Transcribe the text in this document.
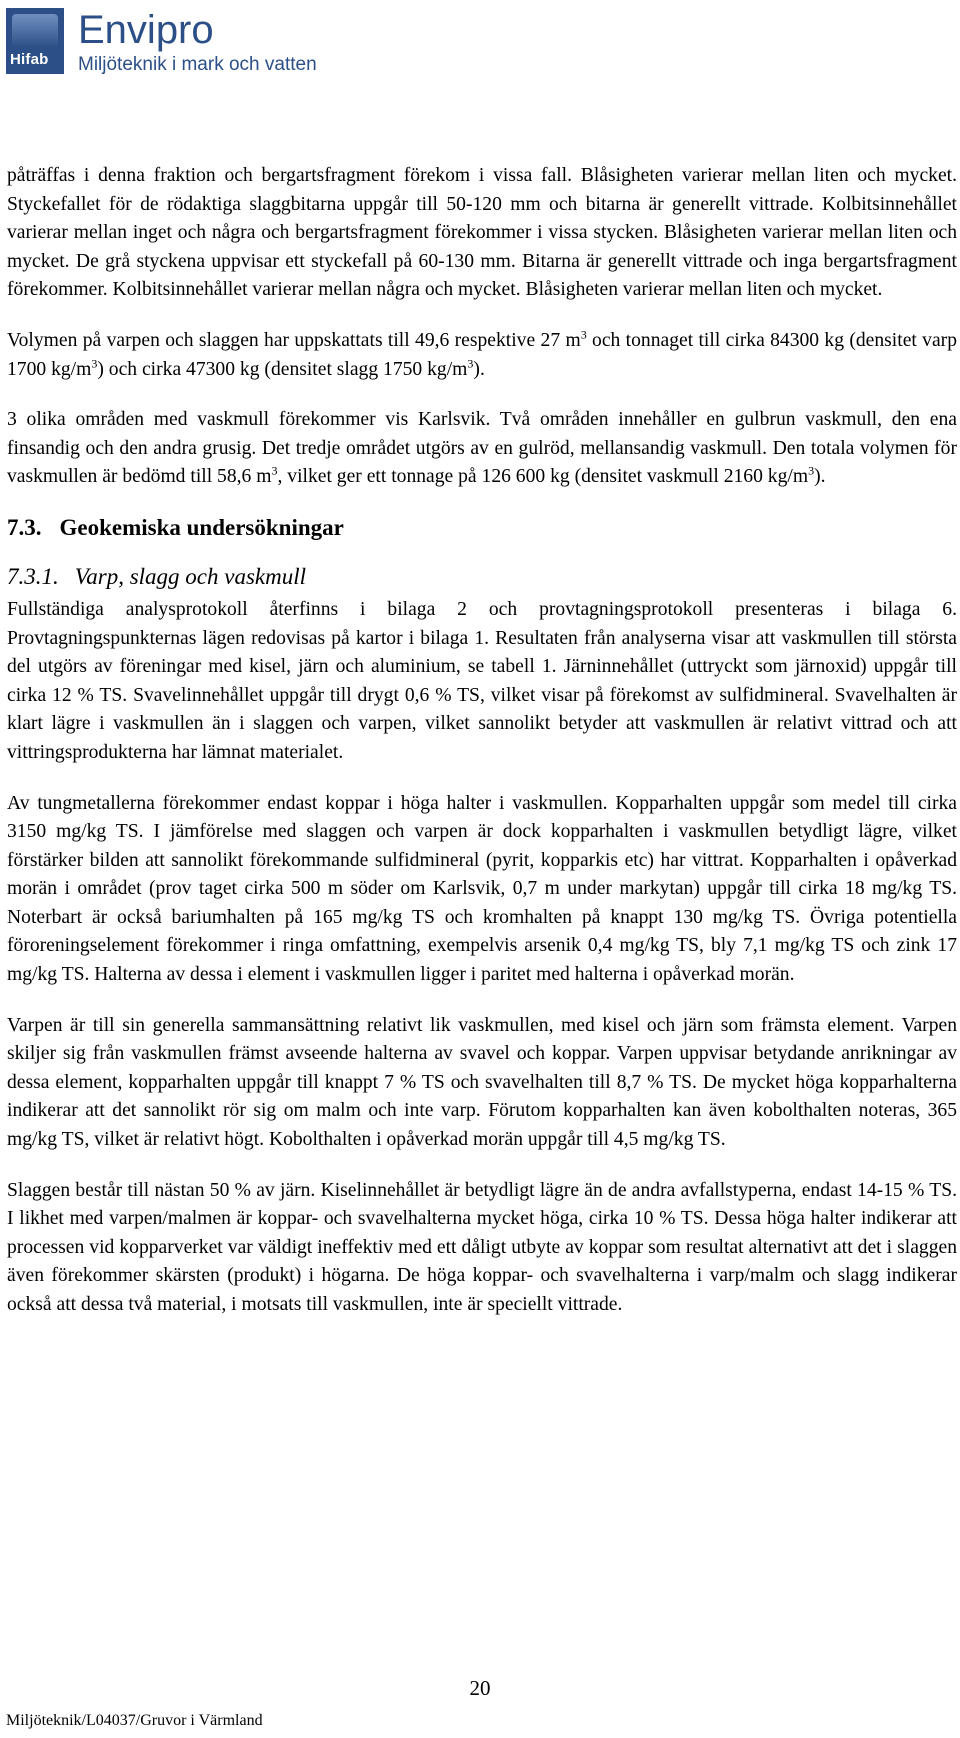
Hifab
Envipro
Miljöteknik i mark och vatten

påträffas i denna fraktion och bergartsfragment förekom i vissa fall. Blåsigheten varierar mellan liten och mycket. Styckefallet för de rödaktiga slaggbitarna uppgår till 50-120 mm och bitarna är generellt vittrade. Kolbitsinnehållet varierar mellan inget och några och bergartsfragment förekommer i vissa stycken. Blåsigheten varierar mellan liten och mycket. De grå styckena uppvisar ett styckefall på 60-130 mm. Bitarna är generellt vittrade och inga bergartsfragment förekommer. Kolbitsinnehållet varierar mellan några och mycket. Blåsigheten varierar mellan liten och mycket.

Volymen på varpen och slaggen har uppskattats till 49,6 respektive 27 $m^3$ och tonnaget till cirka 84300 kg (densitet varp 1700 $kg/m^3$) och cirka 47300 kg (densitet slagg 1750 $kg/m^3$).

3 olika områden med vaskmull förekommer vis Karlsvik. Två områden innehåller en gulbrun vaskmull, den ena finsandig och den andra grusig. Det tredje området utgörs av en gulröd, mellansandig vaskmull. Den totala volymen för vaskmullen är bedömd till 58,6 $m^3$, vilket ger ett tonnage på 126 600 kg (densitet vaskmull 2160 $kg/m^3$).

7.3. Geokemiska undersökningar
7.3.1. Varp, slagg och vaskmull

Fullständiga analysprotokoll återfinns i bilaga 2 och provtagningsprotokoll presenteras i bilaga 6. Provtagningspunkternas lägen redovisas på kartor i bilaga 1. Resultaten från analyserna visar att vaskmullen till största del utgörs av föreningar med kisel, järn och aluminium, se tabell 1. Järninnehållet (uttryckt som järnoxid) uppgår till cirka 12 % TS. Svavelinnehållet uppgår till drygt 0,6 % TS, vilket visar på förekomst av sulfidmineral. Svavelhalten är klart lägre i vaskmullen än i slaggen och varpen, vilket sannolikt betyder att vaskmullen är relativt vittrad och att vittringsprodukterna har lämnat materialet.

Av tungmetallerna förekommer endast koppar i höga halter i vaskmullen. Kopparhalten uppgår som medel till cirka 3150 mg/kg TS. I jämförelse med slaggen och varpen är dock kopparhalten i vaskmullen betydligt lägre, vilket förstärker bilden att sannolikt förekommande sulfidmineral (pyrit, kopparkis etc) har vittrat. Kopparhalten i opåverkad morän i området (prov taget cirka 500 m söder om Karlsvik, 0,7 m under markytan) uppgår till cirka 18 mg/kg TS. Noterbart är också bariumhalten på 165 mg/kg TS och kromhalten på knappt 130 mg/kg TS. Övriga potentiella föroreningselement förekommer i ringa omfattning, exempelvis arsenik 0,4 mg/kg TS, bly 7,1 mg/kg TS och zink 17 mg/kg TS. Halterna av dessa i element i vaskmullen ligger i paritet med halterna i opåverkad morän.

Varpen är till sin generella sammansättning relativt lik vaskmullen, med kisel och järn som främsta element. Varpen skiljer sig från vaskmullen främst avseende halterna av svavel och koppar. Varpen uppvisar betydande anrikningar av dessa element, kopparhalten uppgår till knappt 7 % TS och svavelhalten till 8,7 % TS. De mycket höga kopparhalterna indikerar att det sannolikt rör sig om malm och inte varp. Förutom kopparhalten kan även kobolthalten noteras, 365 mg/kg TS, vilket är relativt högt. Kobolthalten i opåverkad morän uppgår till 4,5 mg/kg TS.

Slaggen består till nästan 50 % av järn. Kiselinnehållet är betydligt lägre än de andra avfallstyperna, endast 14-15 % TS. I likhet med varpen/malmen är koppar- och svavelhalterna mycket höga, cirka 10 % TS. Dessa höga halter indikerar att processen vid kopparverket var väldigt ineffektiv med ett dåligt utbyte av koppar som resultat alternativt att det i slaggen även förekommer skärsten (produkt) i högarna. De höga koppar- och svavelhalterna i varp/malm och slagg indikerar också att dessa två material, i motsats till vaskmullen, inte är speciellt vittrade.

20
Miljöteknik/L04037/Gruvor i Värmland
